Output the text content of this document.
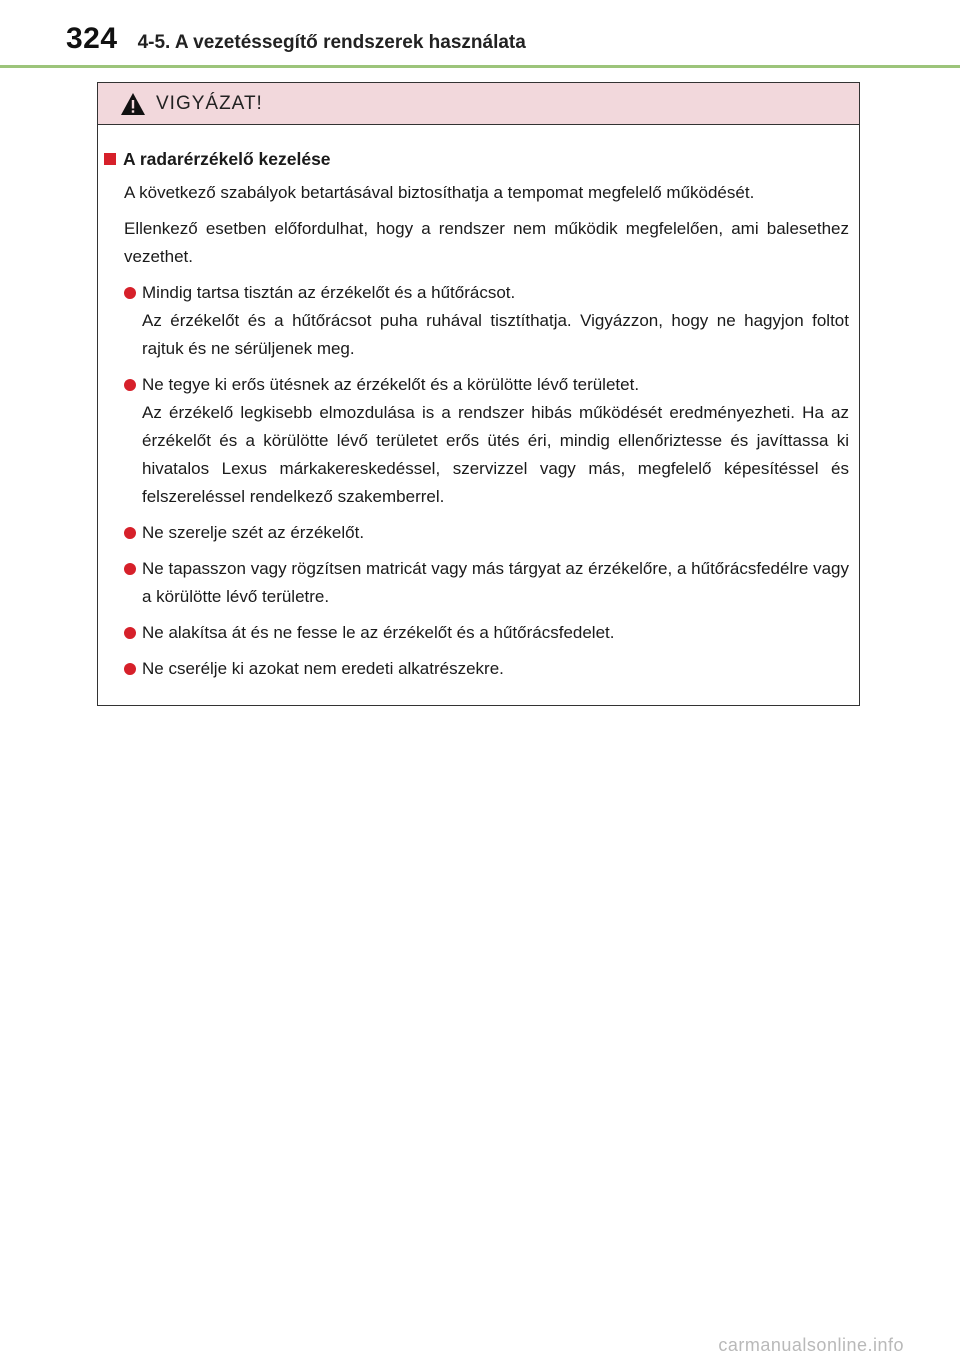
324 4-5. A vezetéssegítő rendszerek használata
VIGYÁZAT!
A radarérzékelő kezelése

A következő szabályok betartásával biztosíthatja a tempomat megfelelő működését.

Ellenkező esetben előfordulhat, hogy a rendszer nem működik megfelelően, ami balesethez vezethet.

Mindig tartsa tisztán az érzékelőt és a hűtőrácsot.
Az érzékelőt és a hűtőrácsot puha ruhával tisztíthatja. Vigyázzon, hogy ne hagyjon foltot rajtuk és ne sérüljenek meg.
Ne tegye ki erős ütésnek az érzékelőt és a körülötte lévő területet.
Az érzékelő legkisebb elmozdulása is a rendszer hibás működését eredményezheti. Ha az érzékelőt és a körülötte lévő területet erős ütés éri, mindig ellenőriztesse és javíttassa ki hivatalos Lexus márkakereskedéssel, szervizzel vagy más, megfelelő képesítéssel és felszereléssel rendelkező szakemberrel.
Ne szerelje szét az érzékelőt.
Ne tapasszon vagy rögzítsen matricát vagy más tárgyat az érzékelőre, a hűtőrácsfedélre vagy a körülötte lévő területre.
Ne alakítsa át és ne fesse le az érzékelőt és a hűtőrácsfedelet.
Ne cserélje ki azokat nem eredeti alkatrészekre.
carmanualsonline.info
